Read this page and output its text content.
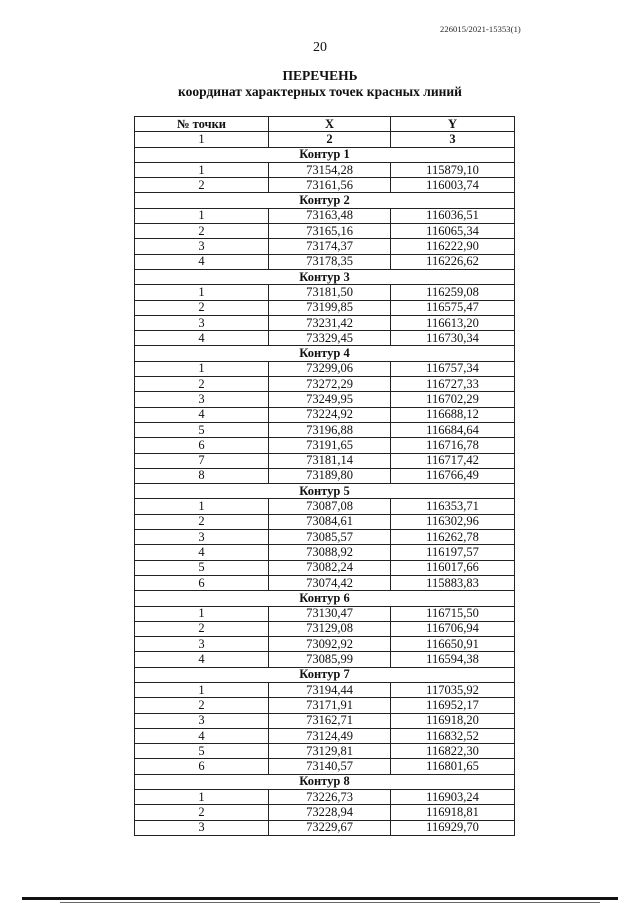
226015/2021-15353(1)
20
ПЕРЕЧЕНЬ
координат характерных точек красных линий
№ точки	X	Y
1	2	3
Контур 1		
1	73154,28	115879,10
2	73161,56	116003,74
Контур 2		
1	73163,48	116036,51
2	73165,16	116065,34
3	73174,37	116222,90
4	73178,35	116226,62
Контур 3		
1	73181,50	116259,08
2	73199,85	116575,47
3	73231,42	116613,20
4	73329,45	116730,34
Контур 4		
1	73299,06	116757,34
2	73272,29	116727,33
3	73249,95	116702,29
4	73224,92	116688,12
5	73196,88	116684,64
6	73191,65	116716,78
7	73181,14	116717,42
8	73189,80	116766,49
Контур 5		
1	73087,08	116353,71
2	73084,61	116302,96
3	73085,57	116262,78
4	73088,92	116197,57
5	73082,24	116017,66
6	73074,42	115883,83
Контур 6		
1	73130,47	116715,50
2	73129,08	116706,94
3	73092,92	116650,91
4	73085,99	116594,38
Контур 7		
1	73194,44	117035,92
2	73171,91	116952,17
3	73162,71	116918,20
4	73124,49	116832,52
5	73129,81	116822,30
6	73140,57	116801,65
Контур 8		
1	73226,73	116903,24
2	73228,94	116918,81
3	73229,67	116929,70
